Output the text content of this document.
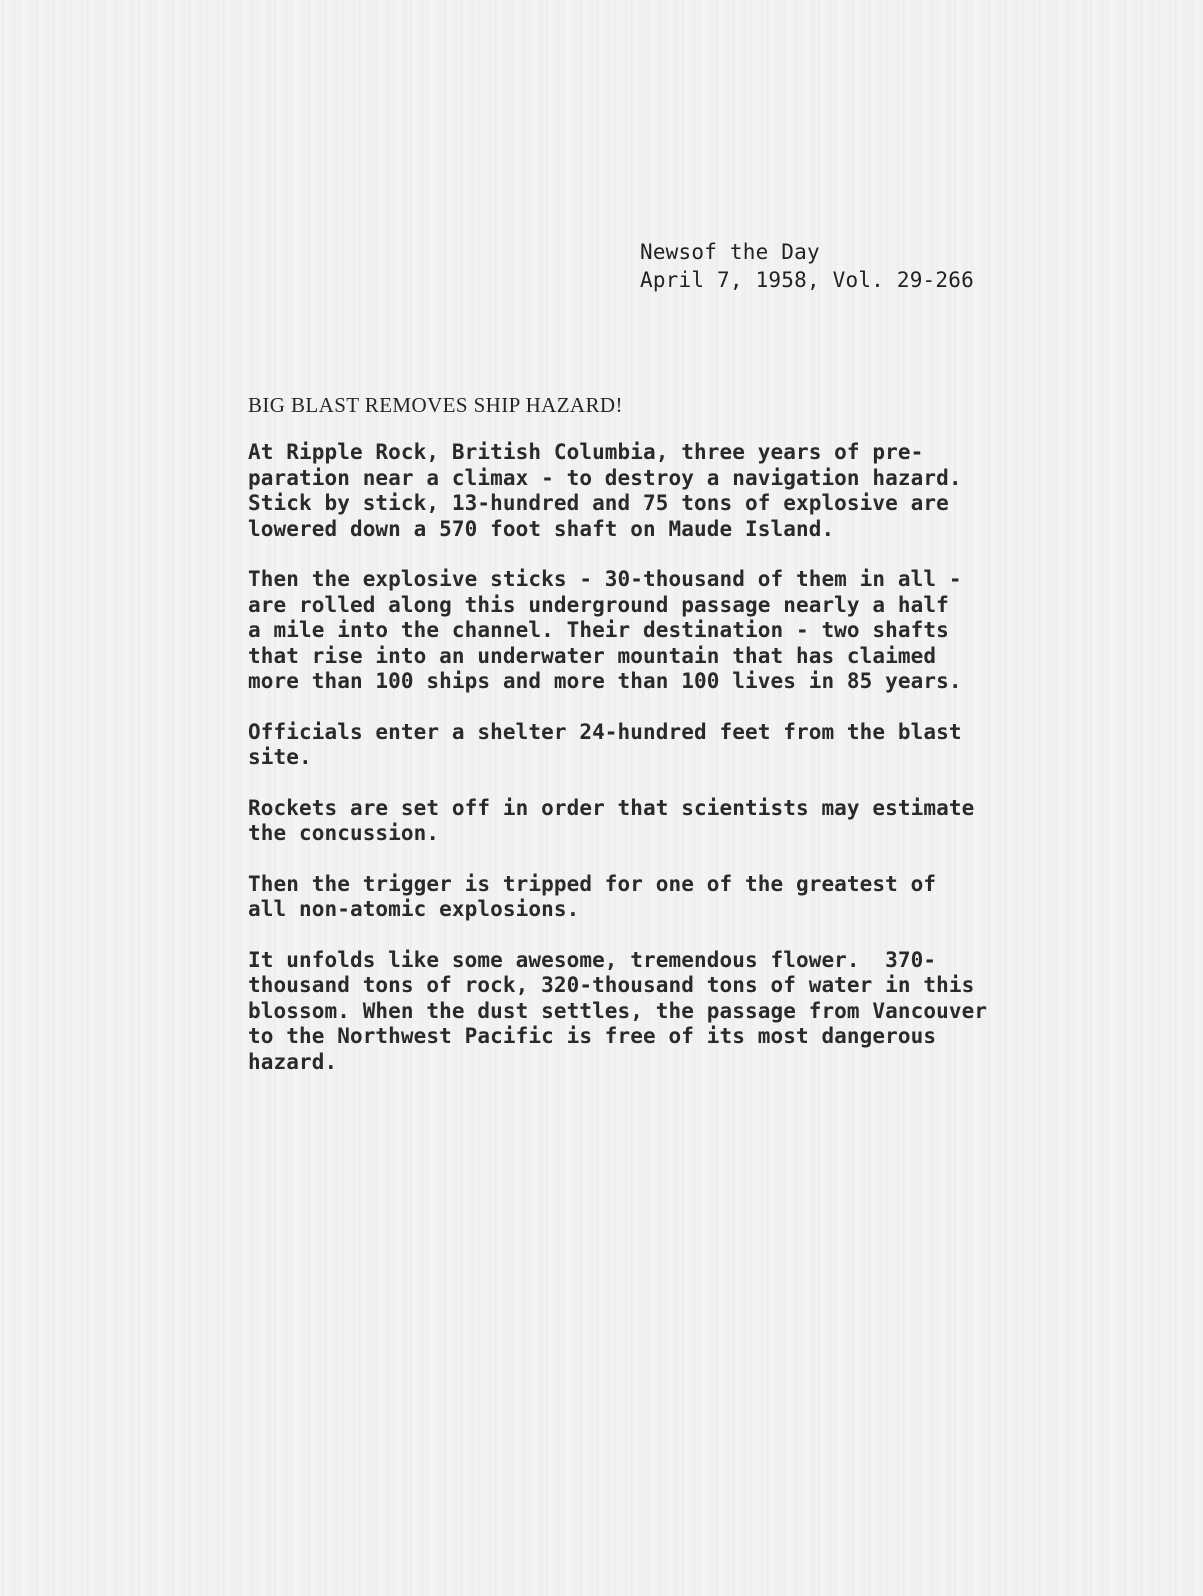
Newsof the Day
April 7, 1958, Vol. 29-266
BIG BLAST REMOVES SHIP HAZARD!
At Ripple Rock, British Columbia, three years of pre-
paration near a climax - to destroy a navigation hazard.
Stick by stick, 13-hundred and 75 tons of explosive are
lowered down a 570 foot shaft on Maude Island.
Then the explosive sticks - 30-thousand of them in all -
are rolled along this underground passage nearly a half
a mile into the channel. Their destination - two shafts
that rise into an underwater mountain that has claimed
more than 100 ships and more than 100 lives in 85 years.
Officials enter a shelter 24-hundred feet from the blast
site.
Rockets are set off in order that scientists may estimate
the concussion.
Then the trigger is tripped for one of the greatest of
all non-atomic explosions.
It unfolds like some awesome, tremendous flower.  370-
thousand tons of rock, 320-thousand tons of water in this
blossom. When the dust settles, the passage from Vancouver
to the Northwest Pacific is free of its most dangerous
hazard.
